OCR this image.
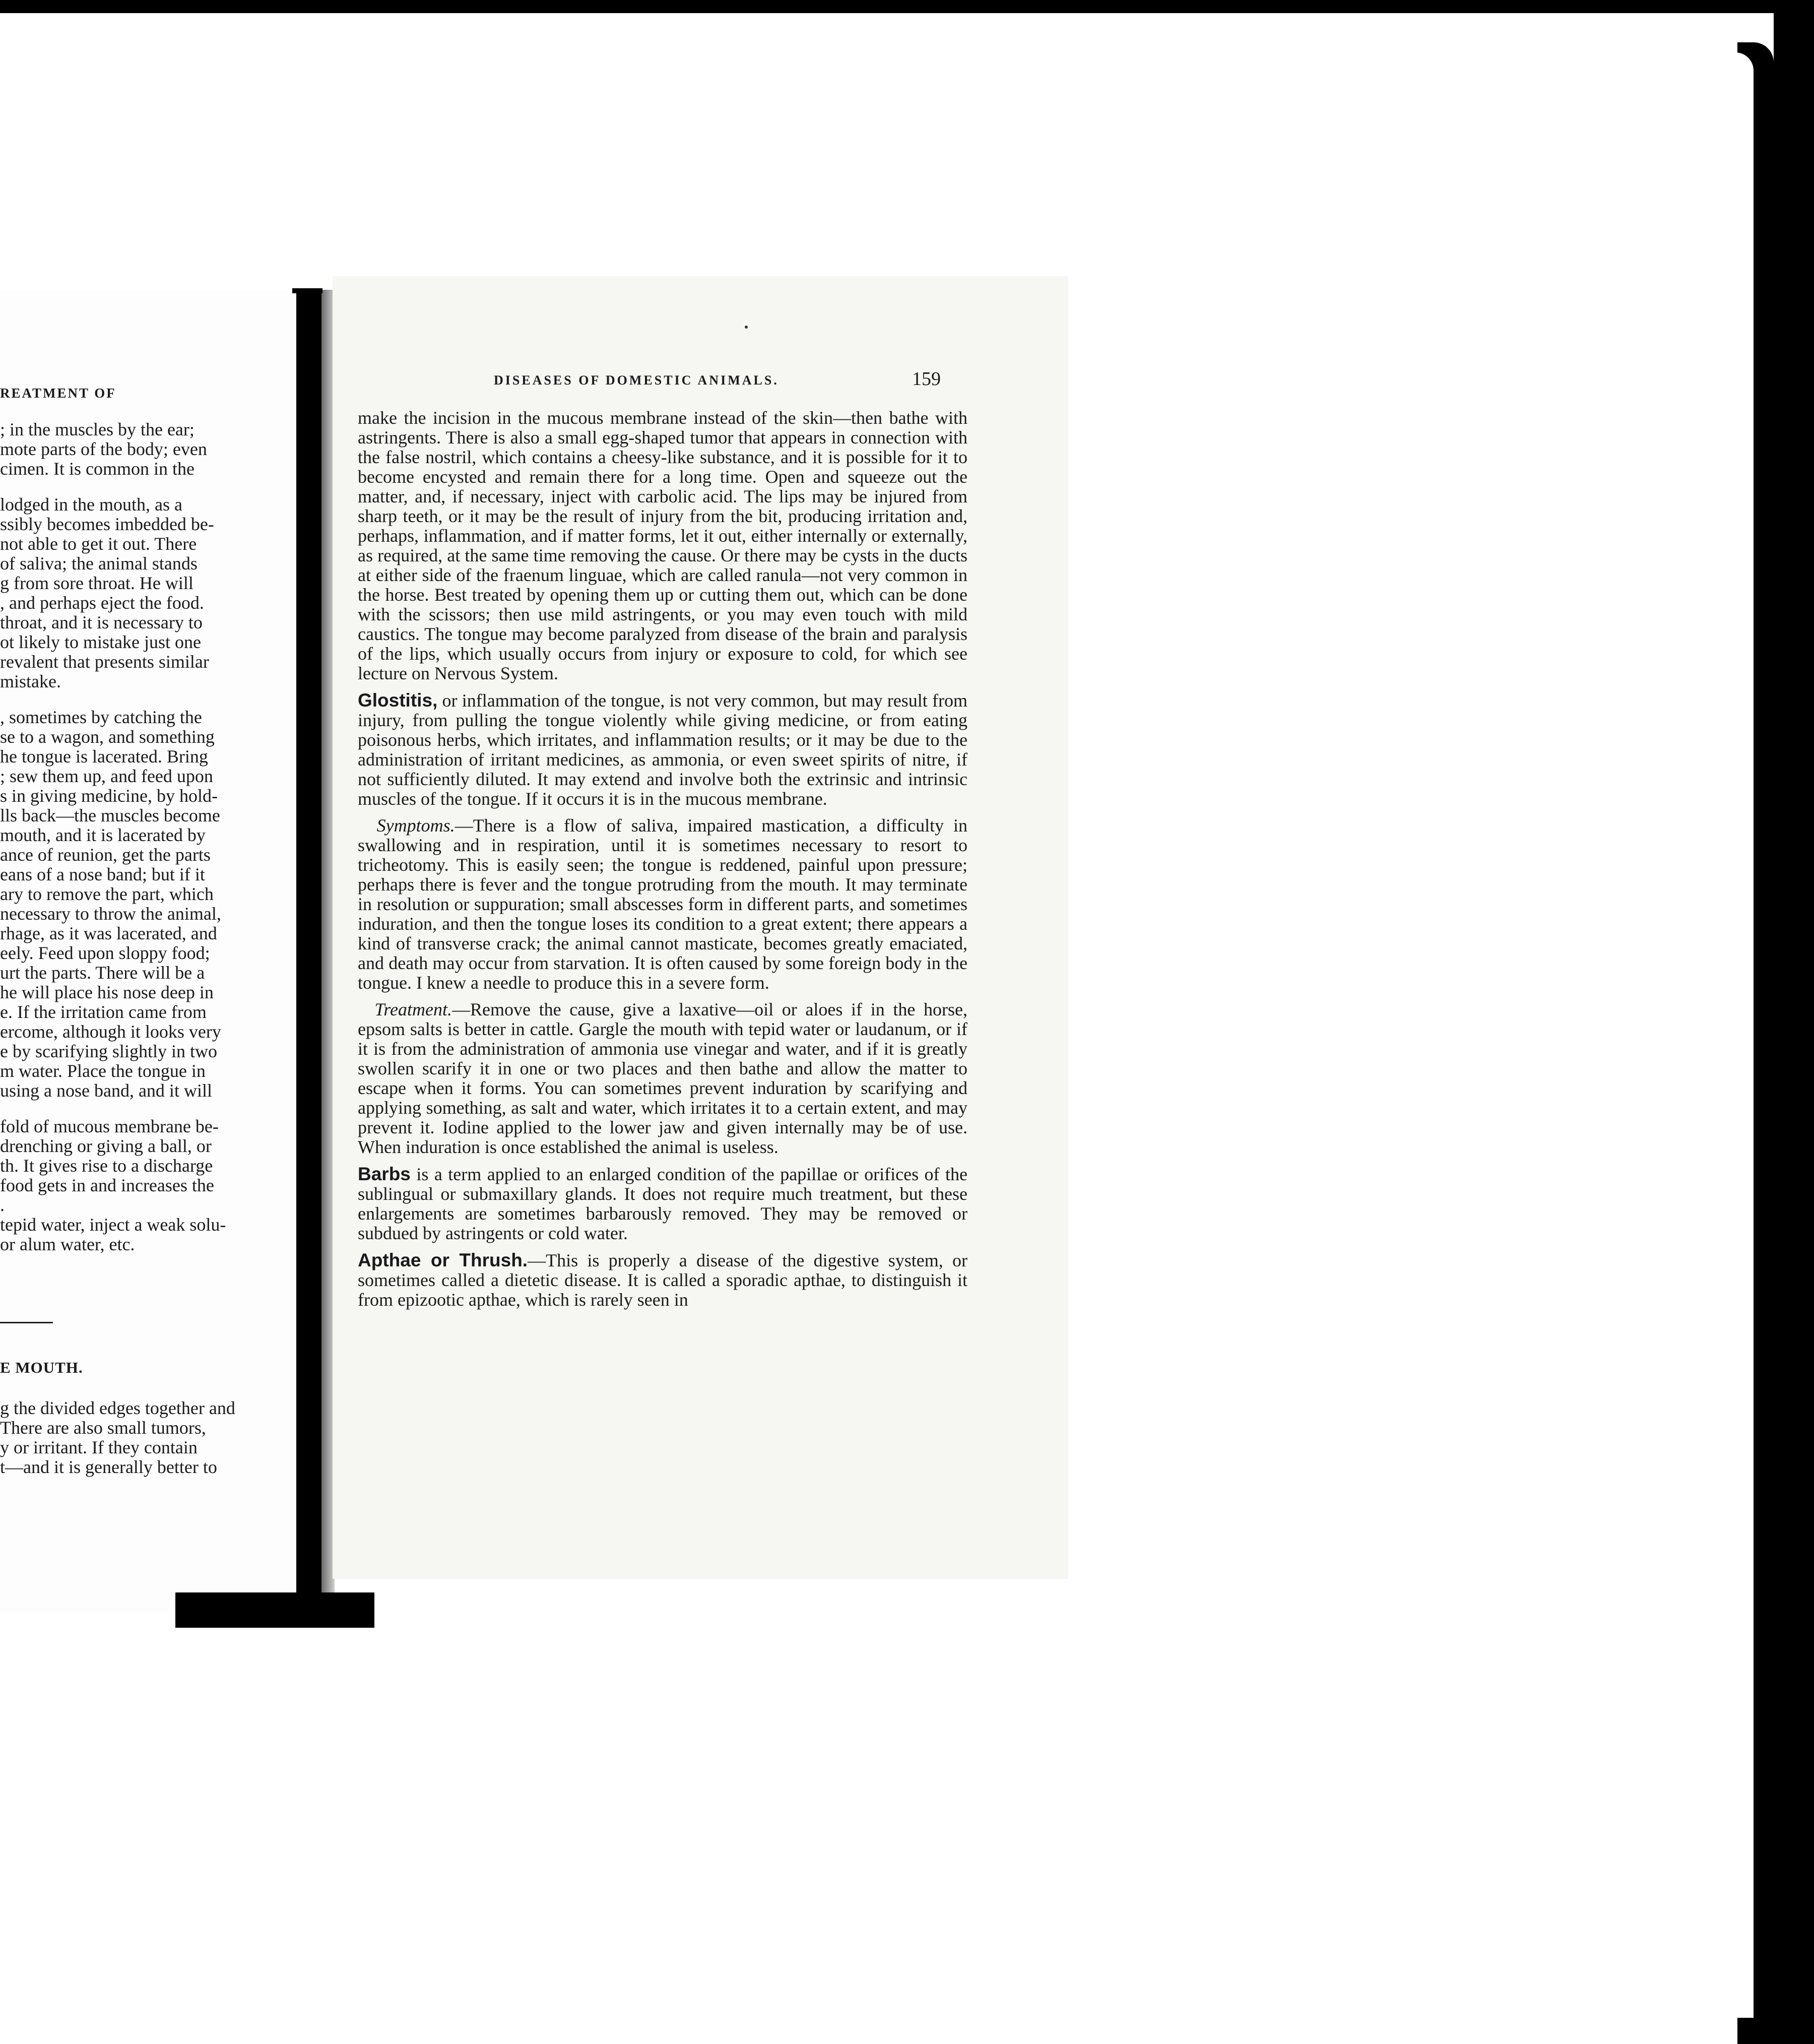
REATMENT OF
; in the muscles by the ear;
mote parts of the body; even
cimen. It is common in the
lodged in the mouth, as a
ssibly becomes imbedded be-
not able to get it out. There
of saliva; the animal stands
g from sore throat. He will
, and perhaps eject the food.
throat, and it is necessary to
ot likely to mistake just one
revalent that presents similar
mistake.
, sometimes by catching the
se to a wagon, and something
he tongue is lacerated. Bring
; sew them up, and feed upon
s in giving medicine, by hold-
lls back—the muscles become
mouth, and it is lacerated by
ance of reunion, get the parts
eans of a nose band; but if it
ary to remove the part, which
necessary to throw the animal,
rhage, as it was lacerated, and
eely. Feed upon sloppy food;
urt the parts. There will be a
he will place his nose deep in
e. If the irritation came from
ercome, although it looks very
e by scarifying slightly in two
m water. Place the tongue in
using a nose band, and it will
fold of mucous membrane be-
drenching or giving a ball, or
th. It gives rise to a discharge
food gets in and increases the
.
tepid water, inject a weak solu-
or alum water, etc.
E MOUTH.
g the divided edges together and
There are also small tumors,
y or irritant. If they contain
t—and it is generally better to
DISEASES OF DOMESTIC ANIMALS.	159

make the incision in the mucous membrane instead of the skin—then bathe with astringents. There is also a small egg-shaped tumor that appears in connection with the false nostril, which contains a cheesy-like substance, and it is possible for it to become encysted and remain there for a long time. Open and squeeze out the matter, and, if necessary, inject with carbolic acid. The lips may be injured from sharp teeth, or it may be the result of injury from the bit, producing irritation and, perhaps, inflammation, and if matter forms, let it out, either internally or externally, as required, at the same time removing the cause. Or there may be cysts in the ducts at either side of the fraenum linguae, which are called ranula—not very common in the horse. Best treated by opening them up or cutting them out, which can be done with the scissors; then use mild astringents, or you may even touch with mild caustics. The tongue may become paralyzed from disease of the brain and paralysis of the lips, which usually occurs from injury or exposure to cold, for which see lecture on Nervous System.

Glostitis, or inflammation of the tongue, is not very common, but may result from injury, from pulling the tongue violently while giving medicine, or from eating poisonous herbs, which irritates, and inflammation results; or it may be due to the administration of irritant medicines, as ammonia, or even sweet spirits of nitre, if not sufficiently diluted. It may extend and involve both the extrinsic and intrinsic muscles of the tongue. If it occurs it is in the mucous membrane.

Symptoms.—There is a flow of saliva, impaired mastication, a difficulty in swallowing and in respiration, until it is sometimes necessary to resort to tricheotomy. This is easily seen; the tongue is reddened, painful upon pressure; perhaps there is fever and the tongue protruding from the mouth. It may terminate in resolution or suppuration; small abscesses form in different parts, and sometimes induration, and then the tongue loses its condition to a great extent; there appears a kind of transverse crack; the animal cannot masticate, becomes greatly emaciated, and death may occur from starvation. It is often caused by some foreign body in the tongue. I knew a needle to produce this in a severe form.

Treatment.—Remove the cause, give a laxative—oil or aloes if in the horse, epsom salts is better in cattle. Gargle the mouth with tepid water or laudanum, or if it is from the administration of ammonia use vinegar and water, and if it is greatly swollen scarify it in one or two places and then bathe and allow the matter to escape when it forms. You can sometimes prevent induration by scarifying and applying something, as salt and water, which irritates it to a certain extent, and may prevent it. Iodine applied to the lower jaw and given internally may be of use. When induration is once established the animal is useless.

Barbs is a term applied to an enlarged condition of the papillae or orifices of the sublingual or submaxillary glands. It does not require much treatment, but these enlargements are sometimes barbarously removed. They may be removed or subdued by astringents or cold water.

Apthae or Thrush.—This is properly a disease of the digestive system, or sometimes called a dietetic disease. It is called a sporadic apthae, to distinguish it from epizootic apthae, which is rarely seen in
